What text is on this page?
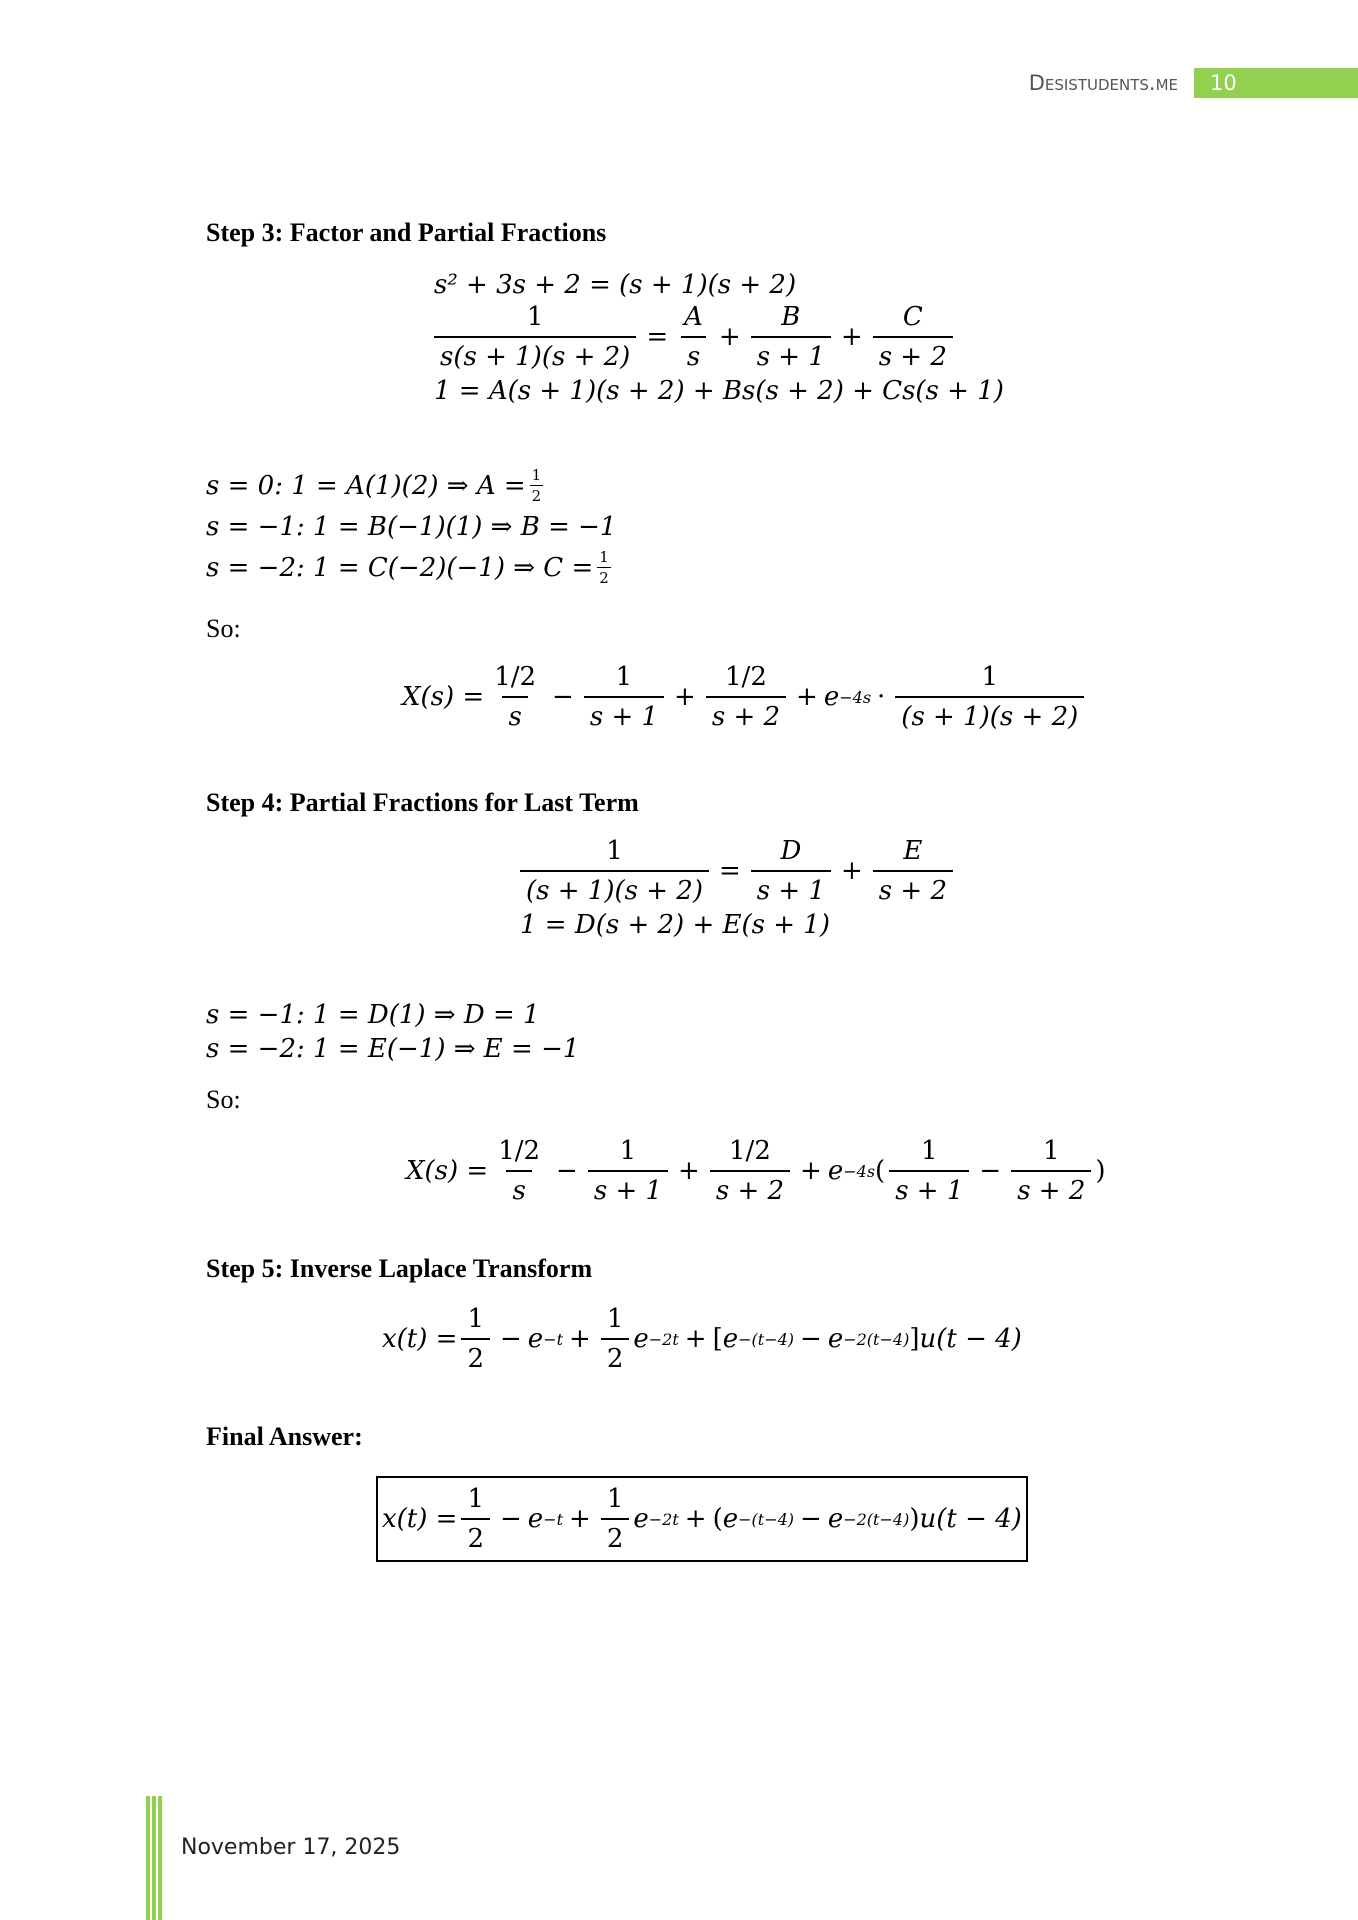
Desistudents.me	10
Step 3: Factor and Partial Fractions
s² + 3s + 2 = (s + 1)(s + 2)
$\frac{1}{s(s + 1)(s + 2)} = \frac{A}{s} + \frac{B}{s + 1} + \frac{C}{s + 2}$
1 = A(s + 1)(s + 2) + Bs(s + 2) + Cs(s + 1)
s = 0: 1 = A(1)(2) ⇒ $A = \frac{1}{2}$
s = −1: 1 = B(−1)(1) ⇒ B = −1
s = −2: 1 = C(−2)(−1) ⇒ $C = \frac{1}{2}$
So:
$X(s) = \frac{1/2}{s} - \frac{1}{s + 1} + \frac{1/2}{s + 2} + e -4s \cdot \frac{1}{(s + 1)(s + 2)}$
Step 4: Partial Fractions for Last Term
$\frac{1}{(s + 1)(s + 2)} = \frac{D}{s + 1} + \frac{E}{s + 2}$
1 = D(s + 2) + E(s + 1)
s = −1: 1 = D(1) ⇒ D = 1
s = −2: 1 = E(−1) ⇒ E = −1
So:
$X(s) = \frac{1/2}{s} - \frac{1}{s + 1} + \frac{1/2}{s + 2} + e -4s$ ( $\frac{1}{s + 1} - \frac{1}{s + 2}$ )
Step 5: Inverse Laplace Transform
$x(t) = \frac{1}{2} - e -t + \frac{1}{2}$ e −2t + [ e −(t−4) − e −2(t−4) ] u(t − 4)
Final Answer:
$x(t) = \frac{1}{2} - e -t + \frac{1}{2}$ e −2t + ( e −(t−4) − e −2(t−4) ) u(t − 4)
November 17, 2025
